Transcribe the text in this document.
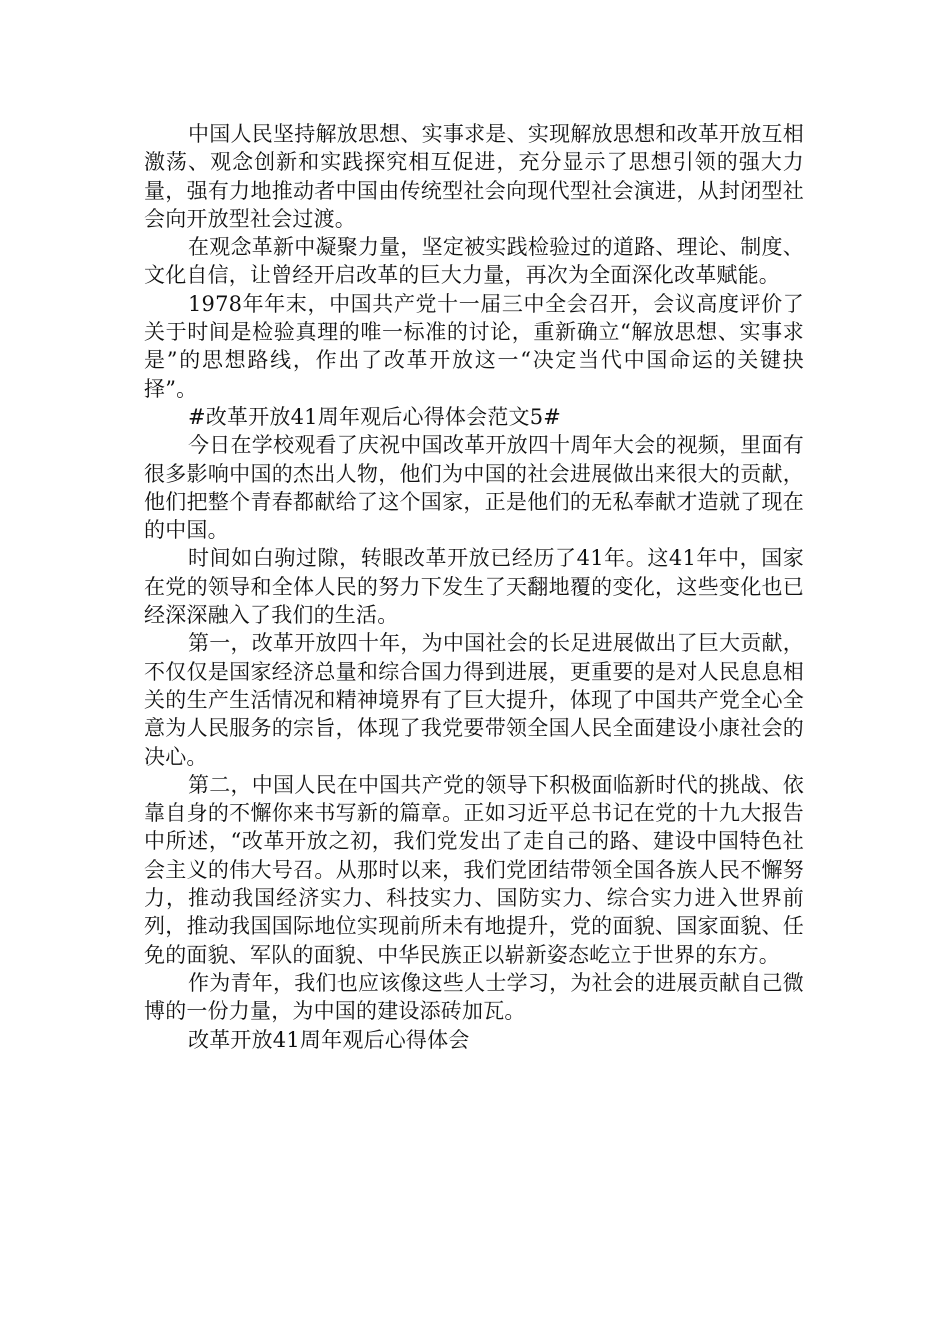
中国人民坚持解放思想、实事求是、实现解放思想和改革开放互相激荡、观念创新和实践探究相互促进，充分显示了思想引领的强大力量，强有力地推动者中国由传统型社会向现代型社会演进，从封闭型社会向开放型社会过渡。

在观念革新中凝聚力量，坚定被实践检验过的道路、理论、制度、文化自信，让曾经开启改革的巨大力量，再次为全面深化改革赋能。

1978年年末，中国共产党十一届三中全会召开，会议高度评价了关于时间是检验真理的唯一标准的讨论，重新确立“解放思想、实事求是”的思想路线，作出了改革开放这一“决定当代中国命运的关键抉择”。

#改革开放41周年观后心得体会范文5#

今日在学校观看了庆祝中国改革开放四十周年大会的视频，里面有很多影响中国的杰出人物，他们为中国的社会进展做出来很大的贡献，他们把整个青春都献给了这个国家，正是他们的无私奉献才造就了现在的中国。

时间如白驹过隙，转眼改革开放已经历了41年。这41年中，国家在党的领导和全体人民的努力下发生了天翻地覆的变化，这些变化也已经深深融入了我们的生活。

第一，改革开放四十年，为中国社会的长足进展做出了巨大贡献，不仅仅是国家经济总量和综合国力得到进展，更重要的是对人民息息相关的生产生活情况和精神境界有了巨大提升，体现了中国共产党全心全意为人民服务的宗旨，体现了我党要带领全国人民全面建设小康社会的决心。

第二，中国人民在中国共产党的领导下积极面临新时代的挑战、依靠自身的不懈你来书写新的篇章。正如习近平总书记在党的十九大报告中所述，“改革开放之初，我们党发出了走自己的路、建设中国特色社会主义的伟大号召。从那时以来，我们党团结带领全国各族人民不懈努力，推动我国经济实力、科技实力、国防实力、综合实力进入世界前列，推动我国国际地位实现前所未有地提升，党的面貌、国家面貌、任免的面貌、军队的面貌、中华民族正以崭新姿态屹立于世界的东方。

作为青年，我们也应该像这些人士学习，为社会的进展贡献自己微博的一份力量，为中国的建设添砖加瓦。

改革开放41周年观后心得体会
